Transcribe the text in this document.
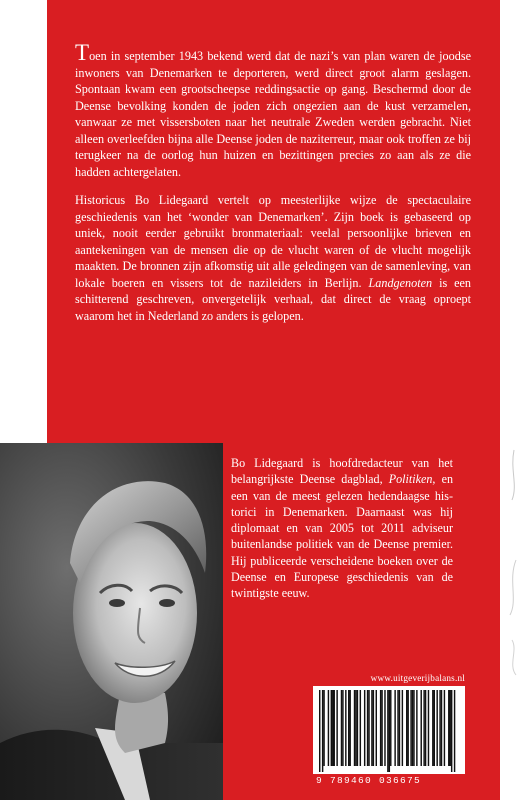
Toen in september 1943 bekend werd dat de nazi’s van plan waren de joodse inwoners van Denemarken te deporteren, werd direct groot alarm geslagen. Spontaan kwam een grootscheepse reddingsactie op gang. Beschermd door de Deense bevolking konden de joden zich ongezien aan de kust verzamelen, vanwaar ze met vissersboten naar het neutrale Zweden werden gebracht. Niet alleen overleefden bijna alle Deense joden de naziterreur, maar ook troffen ze bij terugkeer na de oorlog hun huizen en bezittingen precies zo aan als ze die hadden achtergelaten.

Historicus Bo Lidegaard vertelt op meesterlijke wijze de spectaculaire geschiedenis van het ‘wonder van Denemarken’. Zijn boek is gebaseerd op uniek, nooit eerder gebruikt bronmateriaal: veelal persoonlijke brieven en aantekeningen van de mensen die op de vlucht waren of de vlucht mogelijk maakten. De bronnen zijn afkomstig uit alle geledingen van de samenleving, van lokale boeren en vissers tot de nazileiders in Berlijn. Landgenoten is een schitterend geschreven, onvergetelijk verhaal, dat direct de vraag oproept waarom het in Nederland zo anders is gelopen.

Bo Lidegaard is hoofdredacteur van het belangrijkste Deense dagblad, Politiken, en een van de meest gelezen hedendaagse historici in Denemarken. Daarnaast was hij diplomaat en van 2005 tot 2011 adviseur buitenlandse politiek van de Deense premier. Hij publiceerde verscheidene boeken over de Deense en Europese geschiedenis van de twintigste eeuw.

www.uitgeverijbalans.nl
9 789460 036675
